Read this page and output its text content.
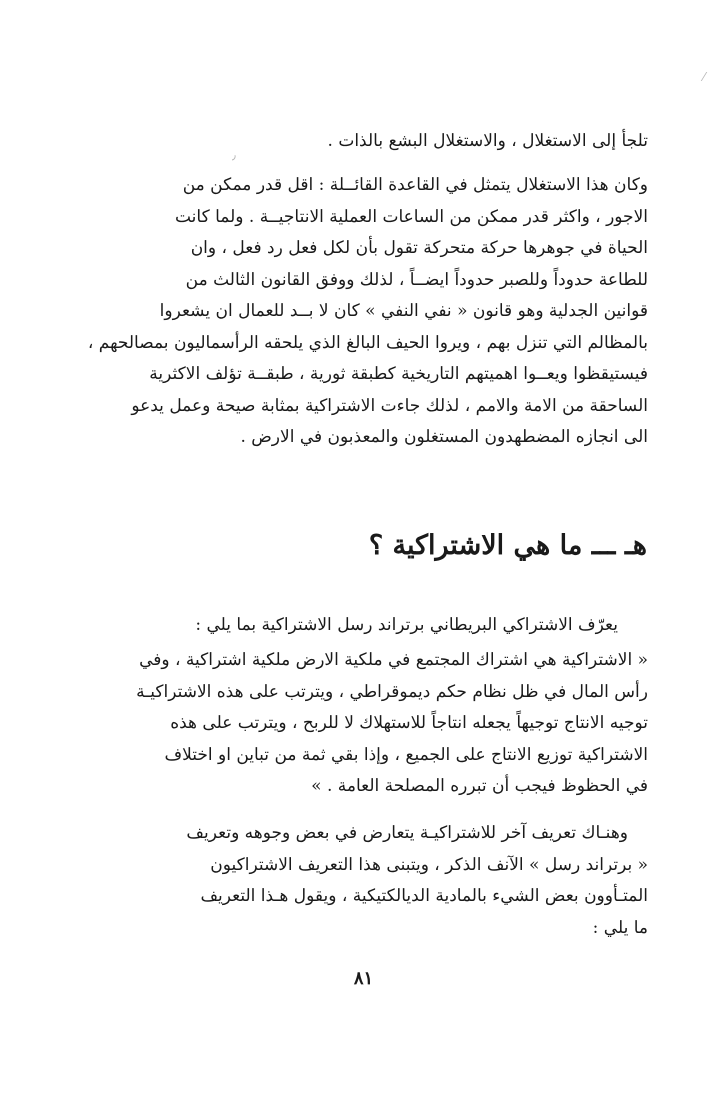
٫
⁄
تلجأ إلى الاستغلال ، والاستغلال البشع بالذات .
وكان هذا الاستغلال يتمثل في القاعدة القائــلة : اقل قدر ممكن من
الاجور ، واكثر قدر ممكن من الساعات العملية الانتاجيــة . ولما كانت
الحياة في جوهرها حركة متحركة تقول بأن لكل فعل رد فعل ، وان
للطاعة حدوداً وللصبر حدوداً ايضــاً ، لذلك ووفق القانون الثالث من
قوانين الجدلية وهو قانون « نفي النفي » كان لا بــد للعمال ان يشعروا
بالمظالم التي تنزل بهم ، ويروا الحيف البالغ الذي يلحقه الرأسماليون بمصالحهم ،
فيستيقظوا ويعــوا اهميتهم التاريخية كطبقة ثورية ، طبقــة تؤلف الاكثرية
الساحقة من الامة والامم ، لذلك جاءت الاشتراكية بمثابة صيحة وعمل يدعو
الى انجازه المضطهدون المستغلون والمعذبون في الارض .
هـ ـــ ما هي الاشتراكية ؟
يعرّف الاشتراكي البريطاني برتراند رسل الاشتراكية بما يلي :
« الاشتراكية هي اشتراك المجتمع في ملكية الارض ملكية اشتراكية ، وفي
رأس المال في ظل نظام حكم ديموقراطي ، ويترتب على هذه الاشتراكيـة
توجيه الانتاج توجيهاً يجعله انتاجاً للاستهلاك لا للربح ، ويترتب على هذه
الاشتراكية توزيع الانتاج على الجميع ، وإذا بقي ثمة من تباين او اختلاف
في الحظوظ فيجب أن تبرره المصلحة العامة . »
وهنـاك تعريف آخر للاشتراكيـة يتعارض في بعض وجوهه وتعريف
« برتراند رسل » الآنف الذكر ، ويتبنى هذا التعريف الاشتراكيون
المتـأوون بعض الشيء بالمادية الديالكتيكية ، ويقول هـذا التعريف
ما يلي :
٨١
